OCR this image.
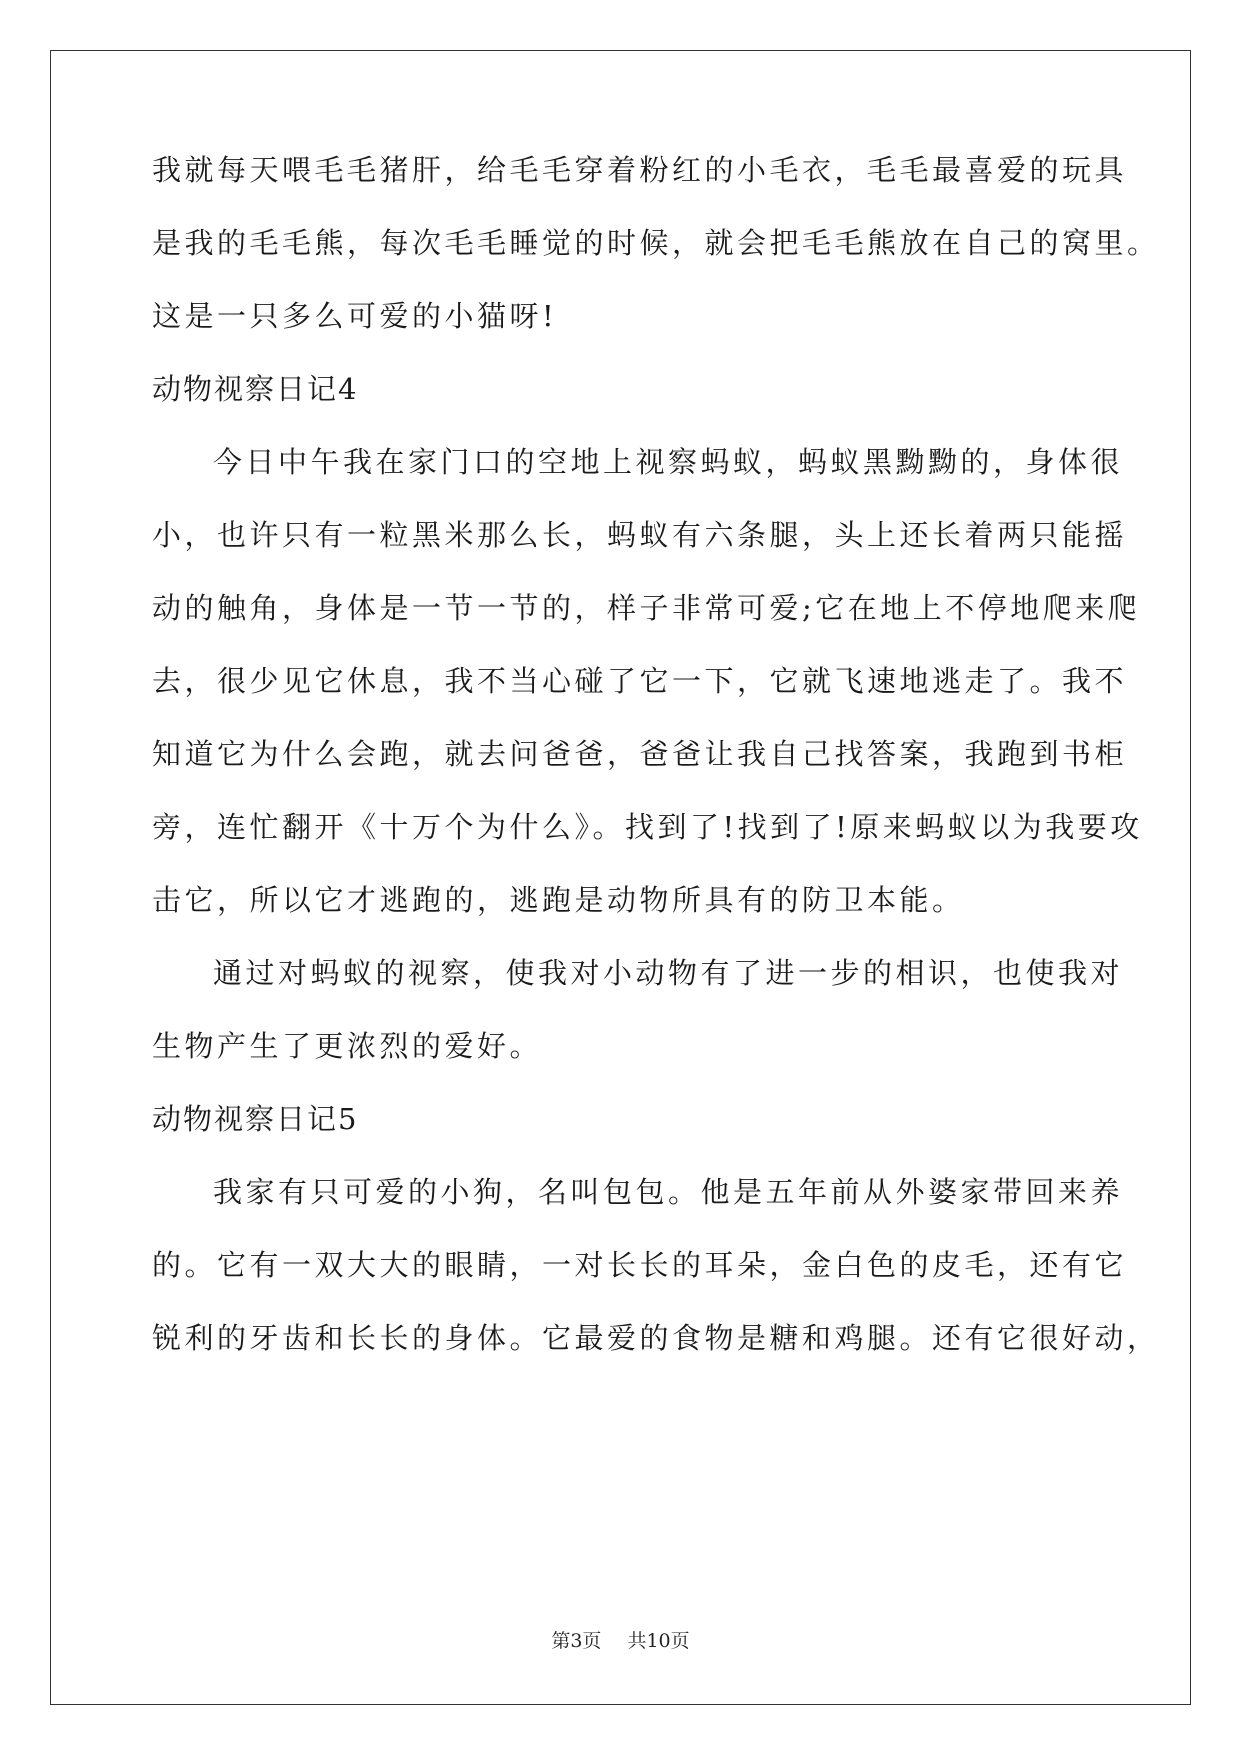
我就每天喂毛毛猪肝，给毛毛穿着粉红的小毛衣，毛毛最喜爱的玩具
是我的毛毛熊，每次毛毛睡觉的时候，就会把毛毛熊放在自己的窝里。
这是一只多么可爱的小猫呀!
动物视察日记4
今日中午我在家门口的空地上视察蚂蚁，蚂蚁黑黝黝的，身体很
小，也许只有一粒黑米那么长，蚂蚁有六条腿，头上还长着两只能摇
动的触角，身体是一节一节的，样子非常可爱;它在地上不停地爬来爬
去，很少见它休息，我不当心碰了它一下，它就飞速地逃走了。我不
知道它为什么会跑，就去问爸爸，爸爸让我自己找答案，我跑到书柜
旁，连忙翻开《十万个为什么》。找到了!找到了!原来蚂蚁以为我要攻
击它，所以它才逃跑的，逃跑是动物所具有的防卫本能。
通过对蚂蚁的视察，使我对小动物有了进一步的相识，也使我对
生物产生了更浓烈的爱好。
动物视察日记5
我家有只可爱的小狗，名叫包包。他是五年前从外婆家带回来养
的。它有一双大大的眼睛，一对长长的耳朵，金白色的皮毛，还有它
锐利的牙齿和长长的身体。它最爱的食物是糖和鸡腿。还有它很好动，
第3页 共10页
